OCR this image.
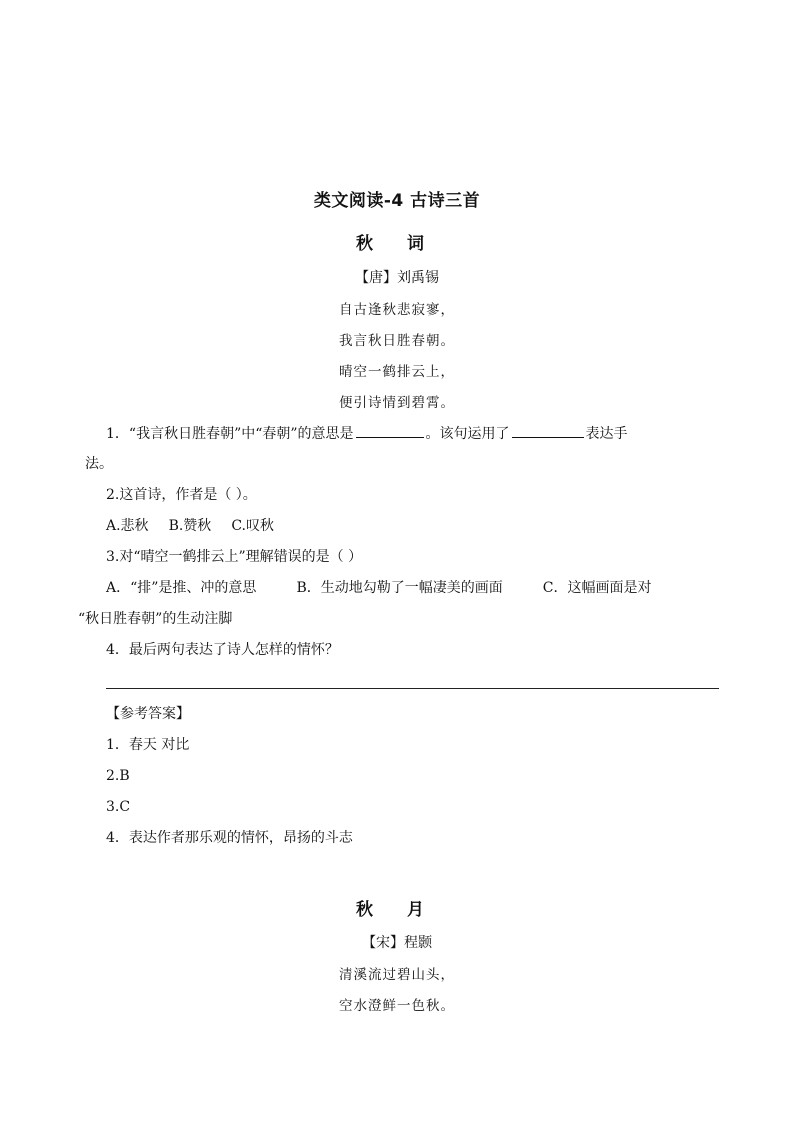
类文阅读-4 古诗三首
秋 词
【唐】刘禹锡
自古逢秋悲寂寥，
我言秋日胜春朝。
晴空一鹤排云上，
便引诗情到碧霄。
1．“我言秋日胜春朝”中“春朝”的意思是	。该句运用了	表达手
法。
2.这首诗，作者是（ ）。
A.悲秋 B.赞秋 C.叹秋
3.对“晴空一鹤排云上”理解错误的是（ ）
A．“排”是推、冲的意思	B．生动地勾勒了一幅凄美的画面	C．这幅画面是对
“秋日胜春朝”的生动注脚
4．最后两句表达了诗人怎样的情怀？
【参考答案】
1．春天 对比
2.B
3.C
4．表达作者那乐观的情怀，昂扬的斗志
秋 月
【宋】程颢
清溪流过碧山头，
空水澄鲜一色秋。
